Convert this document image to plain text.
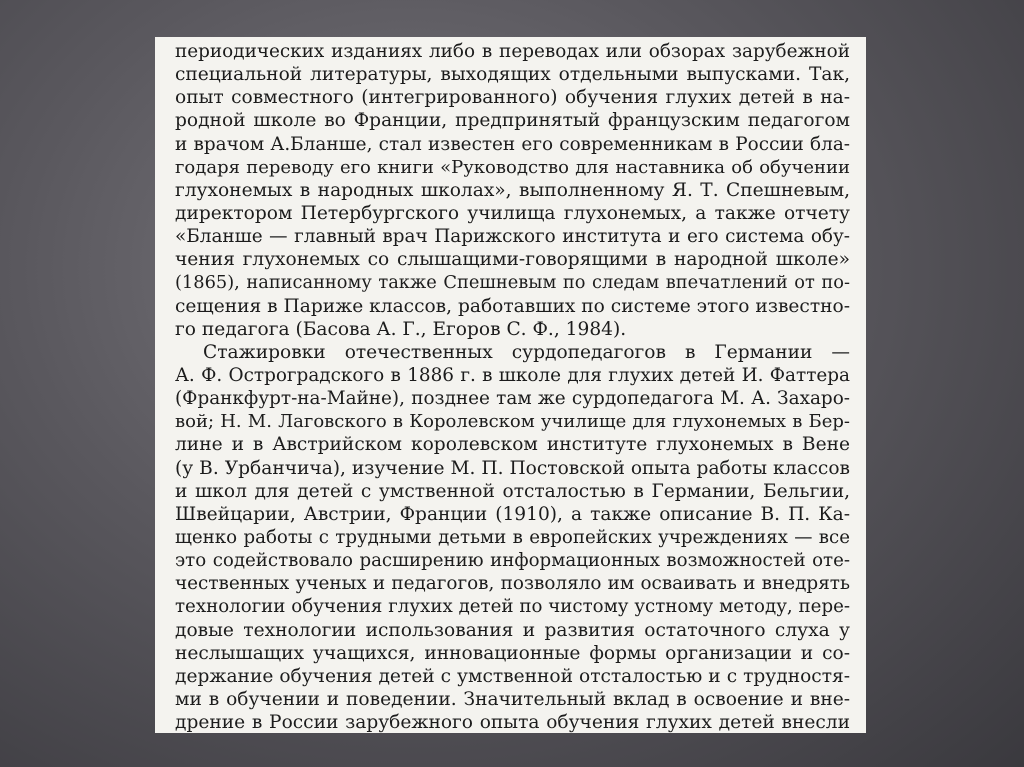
периодических изданиях либо в переводах или обзорах зарубежной
специальной литературы, выходящих отдельными выпусками. Так,
опыт совместного (интегрированного) обучения глухих детей в на-
родной школе во Франции, предпринятый французским педагогом
и врачом А.Бланше, стал известен его современникам в России бла-
годаря переводу его книги «Руководство для наставника об обучении
глухонемых в народных школах», выполненному Я. Т. Спешневым,
директором Петербургского училища глухонемых, а также отчету
«Бланше — главный врач Парижского института и его система обу-
чения глухонемых со слышащими-говорящими в народной школе»
(1865), написанному также Спешневым по следам впечатлений от по-
сещения в Париже классов, работавших по системе этого известно-
го педагога (Басова А. Г., Егоров С. Ф., 1984).
Стажировки отечественных сурдопедагогов в Германии —
А. Ф. Остроградского в 1886 г. в школе для глухих детей И. Фаттера
(Франкфурт-на-Майне), позднее там же сурдопедагога М. А. Захаро-
вой; Н. М. Лаговского в Королевском училище для глухонемых в Бер-
лине и в Австрийском королевском институте глухонемых в Вене
(у В. Урбанчича), изучение М. П. Постовской опыта работы классов
и школ для детей с умственной отсталостью в Германии, Бельгии,
Швейцарии, Австрии, Франции (1910), а также описание В. П. Ка-
щенко работы с трудными детьми в европейских учреждениях — все
это содействовало расширению информационных возможностей оте-
чественных ученых и педагогов, позволяло им осваивать и внедрять
технологии обучения глухих детей по чистому устному методу, пере-
довые технологии использования и развития остаточного слуха у
неслышащих учащихся, инновационные формы организации и со-
держание обучения детей с умственной отсталостью и с трудностя-
ми в обучении и поведении. Значительный вклад в освоение и вне-
дрение в России зарубежного опыта обучения глухих детей внесли
